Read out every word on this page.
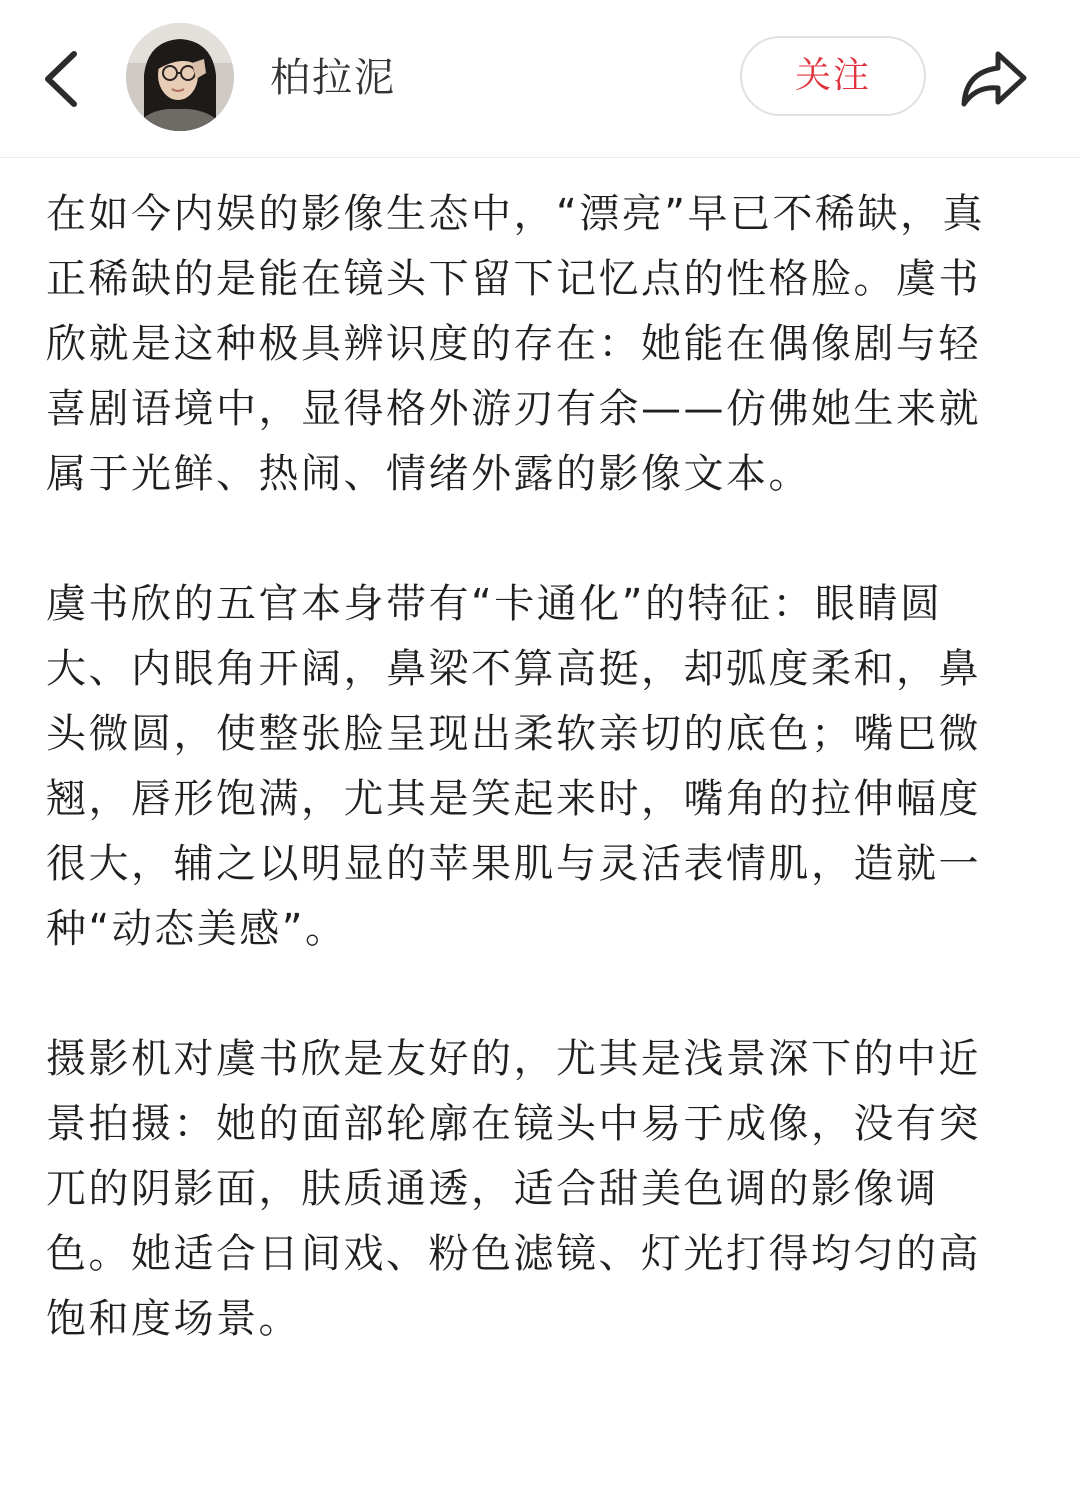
柏拉泥	关注

在如今内娱的影像生态中，“漂亮”早已不稀缺，真正稀缺的是能在镜头下留下记忆点的性格脸。虞书欣就是这种极具辨识度的存在：她能在偶像剧与轻喜剧语境中，显得格外游刃有余——仿佛她生来就属于光鲜、热闹、情绪外露的影像文本。

虞书欣的五官本身带有“卡通化”的特征：眼睛圆大、内眼角开阔，鼻梁不算高挺，却弧度柔和，鼻头微圆，使整张脸呈现出柔软亲切的底色；嘴巴微翘，唇形饱满，尤其是笑起来时，嘴角的拉伸幅度很大，辅之以明显的苹果肌与灵活表情肌，造就一种“动态美感”。

摄影机对虞书欣是友好的，尤其是浅景深下的中近景拍摄：她的面部轮廓在镜头中易于成像，没有突兀的阴影面，肤质通透，适合甜美色调的影像调色。她适合日间戏、粉色滤镜、灯光打得均匀的高饱和度场景。
